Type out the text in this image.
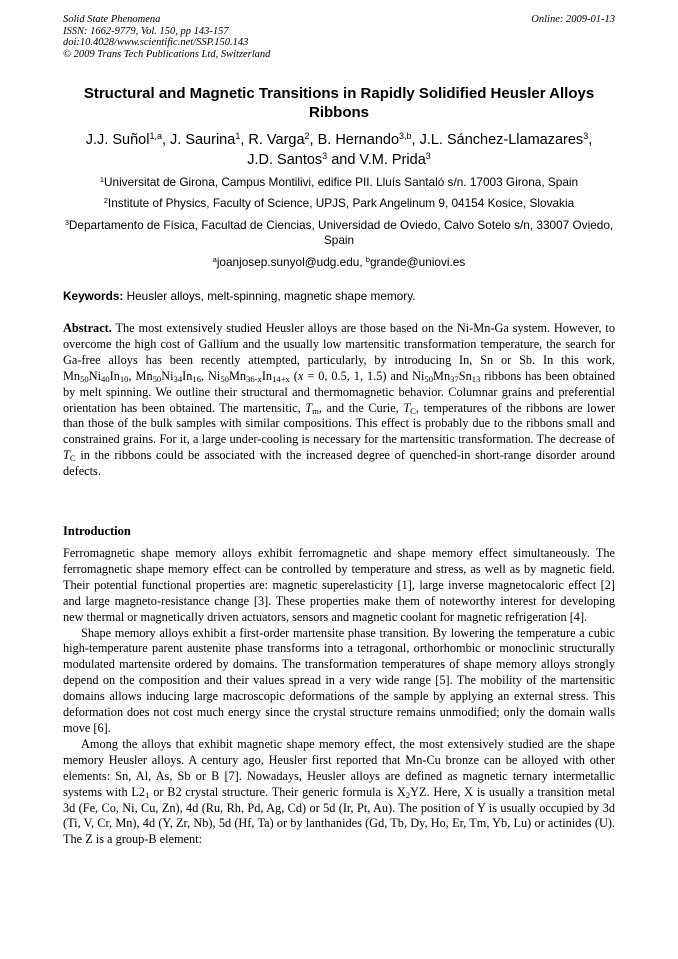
Solid State Phenomena
ISSN: 1662-9779, Vol. 150, pp 143-157
doi:10.4028/www.scientific.net/SSP.150.143
© 2009 Trans Tech Publications Ltd, Switzerland
Online: 2009-01-13
Structural and Magnetic Transitions in Rapidly Solidified Heusler Alloys Ribbons
J.J. Suñol$^{1,a}$, J. Saurina$^1$, R. Varga$^2$, B. Hernando$^{3,b}$, J.L. Sánchez-Llamazares$^3$, J.D. Santos$^3$ and V.M. Prida$^3$
$^1$Universitat de Girona, Campus Montilivi, edifice PII. Lluís Santaló s/n. 17003 Girona, Spain
$^2$Institute of Physics, Faculty of Science, UPJS, Park Angelinum 9, 04154 Kosice, Slovakia
$^3$Departamento de Física, Facultad de Ciencias, Universidad de Oviedo, Calvo Sotelo s/n, 33007 Oviedo, Spain
$^a$joanjosep.sunyol@udg.edu, $^b$grande@uniovi.es
Keywords: Heusler alloys, melt-spinning, magnetic shape memory.
Abstract. The most extensively studied Heusler alloys are those based on the Ni-Mn-Ga system. However, to overcome the high cost of Gallium and the usually low martensitic transformation temperature, the search for Ga-free alloys has been recently attempted, particularly, by introducing In, Sn or Sb. In this work, $Mn_{50}Ni_{40}In_{10}$, $Mn_{50}Ni_{34}In_{16}$, $Ni_{50}Mn_{36-x}In_{14+x}$ (x = 0, 0.5, 1, 1.5) and $Ni_{50}Mn_{37}Sn_{13}$ ribbons has been obtained by melt spinning. We outline their structural and thermomagnetic behavior. Columnar grains and preferential orientation has been obtained. The martensitic, $T_m$, and the Curie, $T_C$, temperatures of the ribbons are lower than those of the bulk samples with similar compositions. This effect is probably due to the ribbons small and constrained grains. For it, a large under-cooling is necessary for the martensitic transformation. The decrease of $T_C$ in the ribbons could be associated with the increased degree of quenched-in short-range disorder around defects.
Introduction

Ferromagnetic shape memory alloys exhibit ferromagnetic and shape memory effect simultaneously. The ferromagnetic shape memory effect can be controlled by temperature and stress, as well as by magnetic field. Their potential functional properties are: magnetic superelasticity [1], large inverse magnetocaloric effect [2] and large magneto-resistance change [3]. These properties make them of noteworthy interest for developing new thermal or magnetically driven actuators, sensors and magnetic coolant for magnetic refrigeration [4].

Shape memory alloys exhibit a first-order martensite phase transition. By lowering the temperature a cubic high-temperature parent austenite phase transforms into a tetragonal, orthorhombic or monoclinic structurally modulated martensite ordered by domains. The transformation temperatures of shape memory alloys strongly depend on the composition and their values spread in a very wide range [5]. The mobility of the martensitic domains allows inducing large macroscopic deformations of the sample by applying an external stress. This deformation does not cost much energy since the crystal structure remains unmodified; only the domain walls move [6].

Among the alloys that exhibit magnetic shape memory effect, the most extensively studied are the shape memory Heusler alloys. A century ago, Heusler first reported that Mn-Cu bronze can be alloyed with other elements: Sn, Al, As, Sb or B [7]. Nowadays, Heusler alloys are defined as magnetic ternary intermetallic systems with $L2_1$ or B2 crystal structure. Their generic formula is $X_2YZ$. Here, X is usually a transition metal 3d (Fe, Co, Ni, Cu, Zn), 4d (Ru, Rh, Pd, Ag, Cd) or 5d (Ir, Pt, Au). The position of Y is usually occupied by 3d (Ti, V, Cr, Mn), 4d (Y, Zr, Nb), 5d (Hf, Ta) or by lanthanides (Gd, Tb, Dy, Ho, Er, Tm, Yb, Lu) or actinides (U). The Z is a group-B element:
